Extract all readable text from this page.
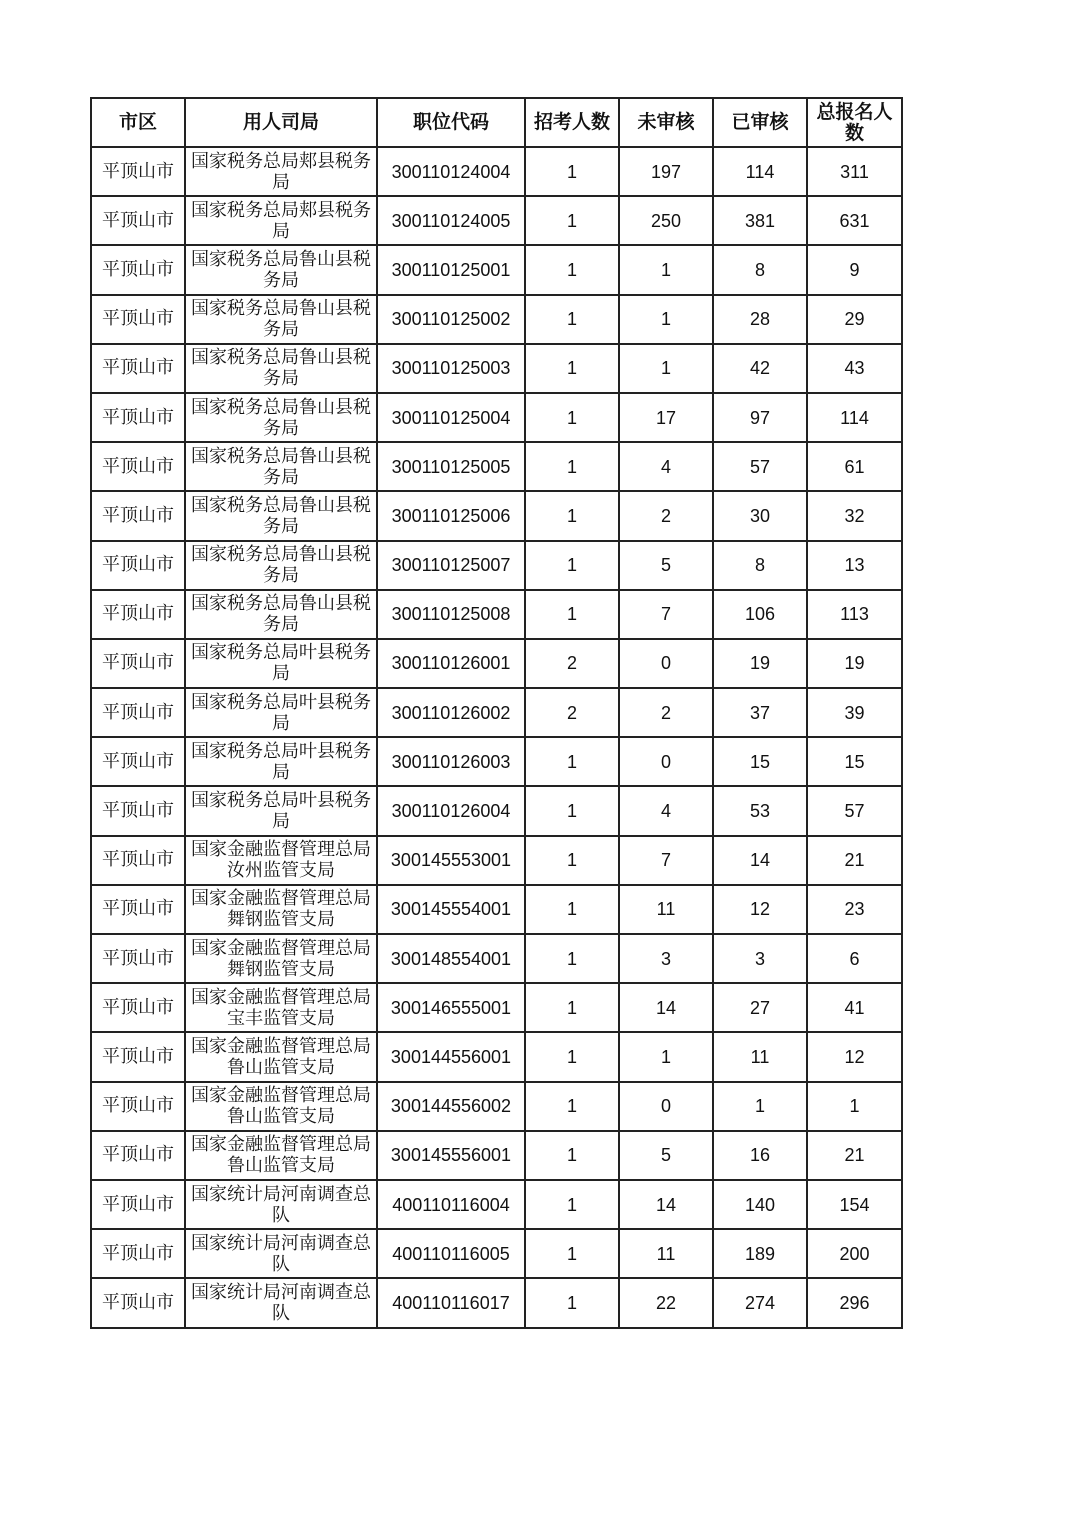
市区	用人司局	职位代码	招考人数	未审核	已审核	总报名人数
平顶山市	国家税务总局郏县税务局	300110124004	1	197	114	311
平顶山市	国家税务总局郏县税务局	300110124005	1	250	381	631
平顶山市	国家税务总局鲁山县税务局	300110125001	1	1	8	9
平顶山市	国家税务总局鲁山县税务局	300110125002	1	1	28	29
平顶山市	国家税务总局鲁山县税务局	300110125003	1	1	42	43
平顶山市	国家税务总局鲁山县税务局	300110125004	1	17	97	114
平顶山市	国家税务总局鲁山县税务局	300110125005	1	4	57	61
平顶山市	国家税务总局鲁山县税务局	300110125006	1	2	30	32
平顶山市	国家税务总局鲁山县税务局	300110125007	1	5	8	13
平顶山市	国家税务总局鲁山县税务局	300110125008	1	7	106	113
平顶山市	国家税务总局叶县税务局	300110126001	2	0	19	19
平顶山市	国家税务总局叶县税务局	300110126002	2	2	37	39
平顶山市	国家税务总局叶县税务局	300110126003	1	0	15	15
平顶山市	国家税务总局叶县税务局	300110126004	1	4	53	57
平顶山市	国家金融监督管理总局汝州监管支局	300145553001	1	7	14	21
平顶山市	国家金融监督管理总局舞钢监管支局	300145554001	1	11	12	23
平顶山市	国家金融监督管理总局舞钢监管支局	300148554001	1	3	3	6
平顶山市	国家金融监督管理总局宝丰监管支局	300146555001	1	14	27	41
平顶山市	国家金融监督管理总局鲁山监管支局	300144556001	1	1	11	12
平顶山市	国家金融监督管理总局鲁山监管支局	300144556002	1	0	1	1
平顶山市	国家金融监督管理总局鲁山监管支局	300145556001	1	5	16	21
平顶山市	国家统计局河南调查总队	400110116004	1	14	140	154
平顶山市	国家统计局河南调查总队	400110116005	1	11	189	200
平顶山市	国家统计局河南调查总队	400110116017	1	22	274	296
